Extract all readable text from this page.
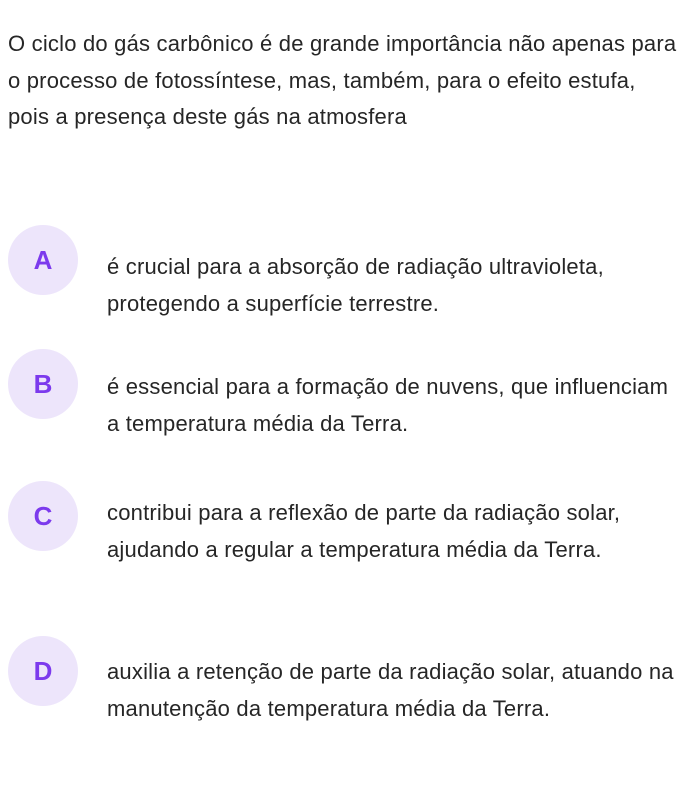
O ciclo do gás carbônico é de grande importância não apenas para o processo de fotossíntese, mas, também, para o efeito estufa, pois a presença deste gás na atmosfera

A	é crucial para a absorção de radiação ultravioleta, protegendo a superfície terrestre.
B	é essencial para a formação de nuvens, que influenciam a temperatura média da Terra.
C	contribui para a reflexão de parte da radiação solar, ajudando a regular a temperatura média da Terra.
D	auxilia a retenção de parte da radiação solar, atuando na manutenção da temperatura média da Terra.
